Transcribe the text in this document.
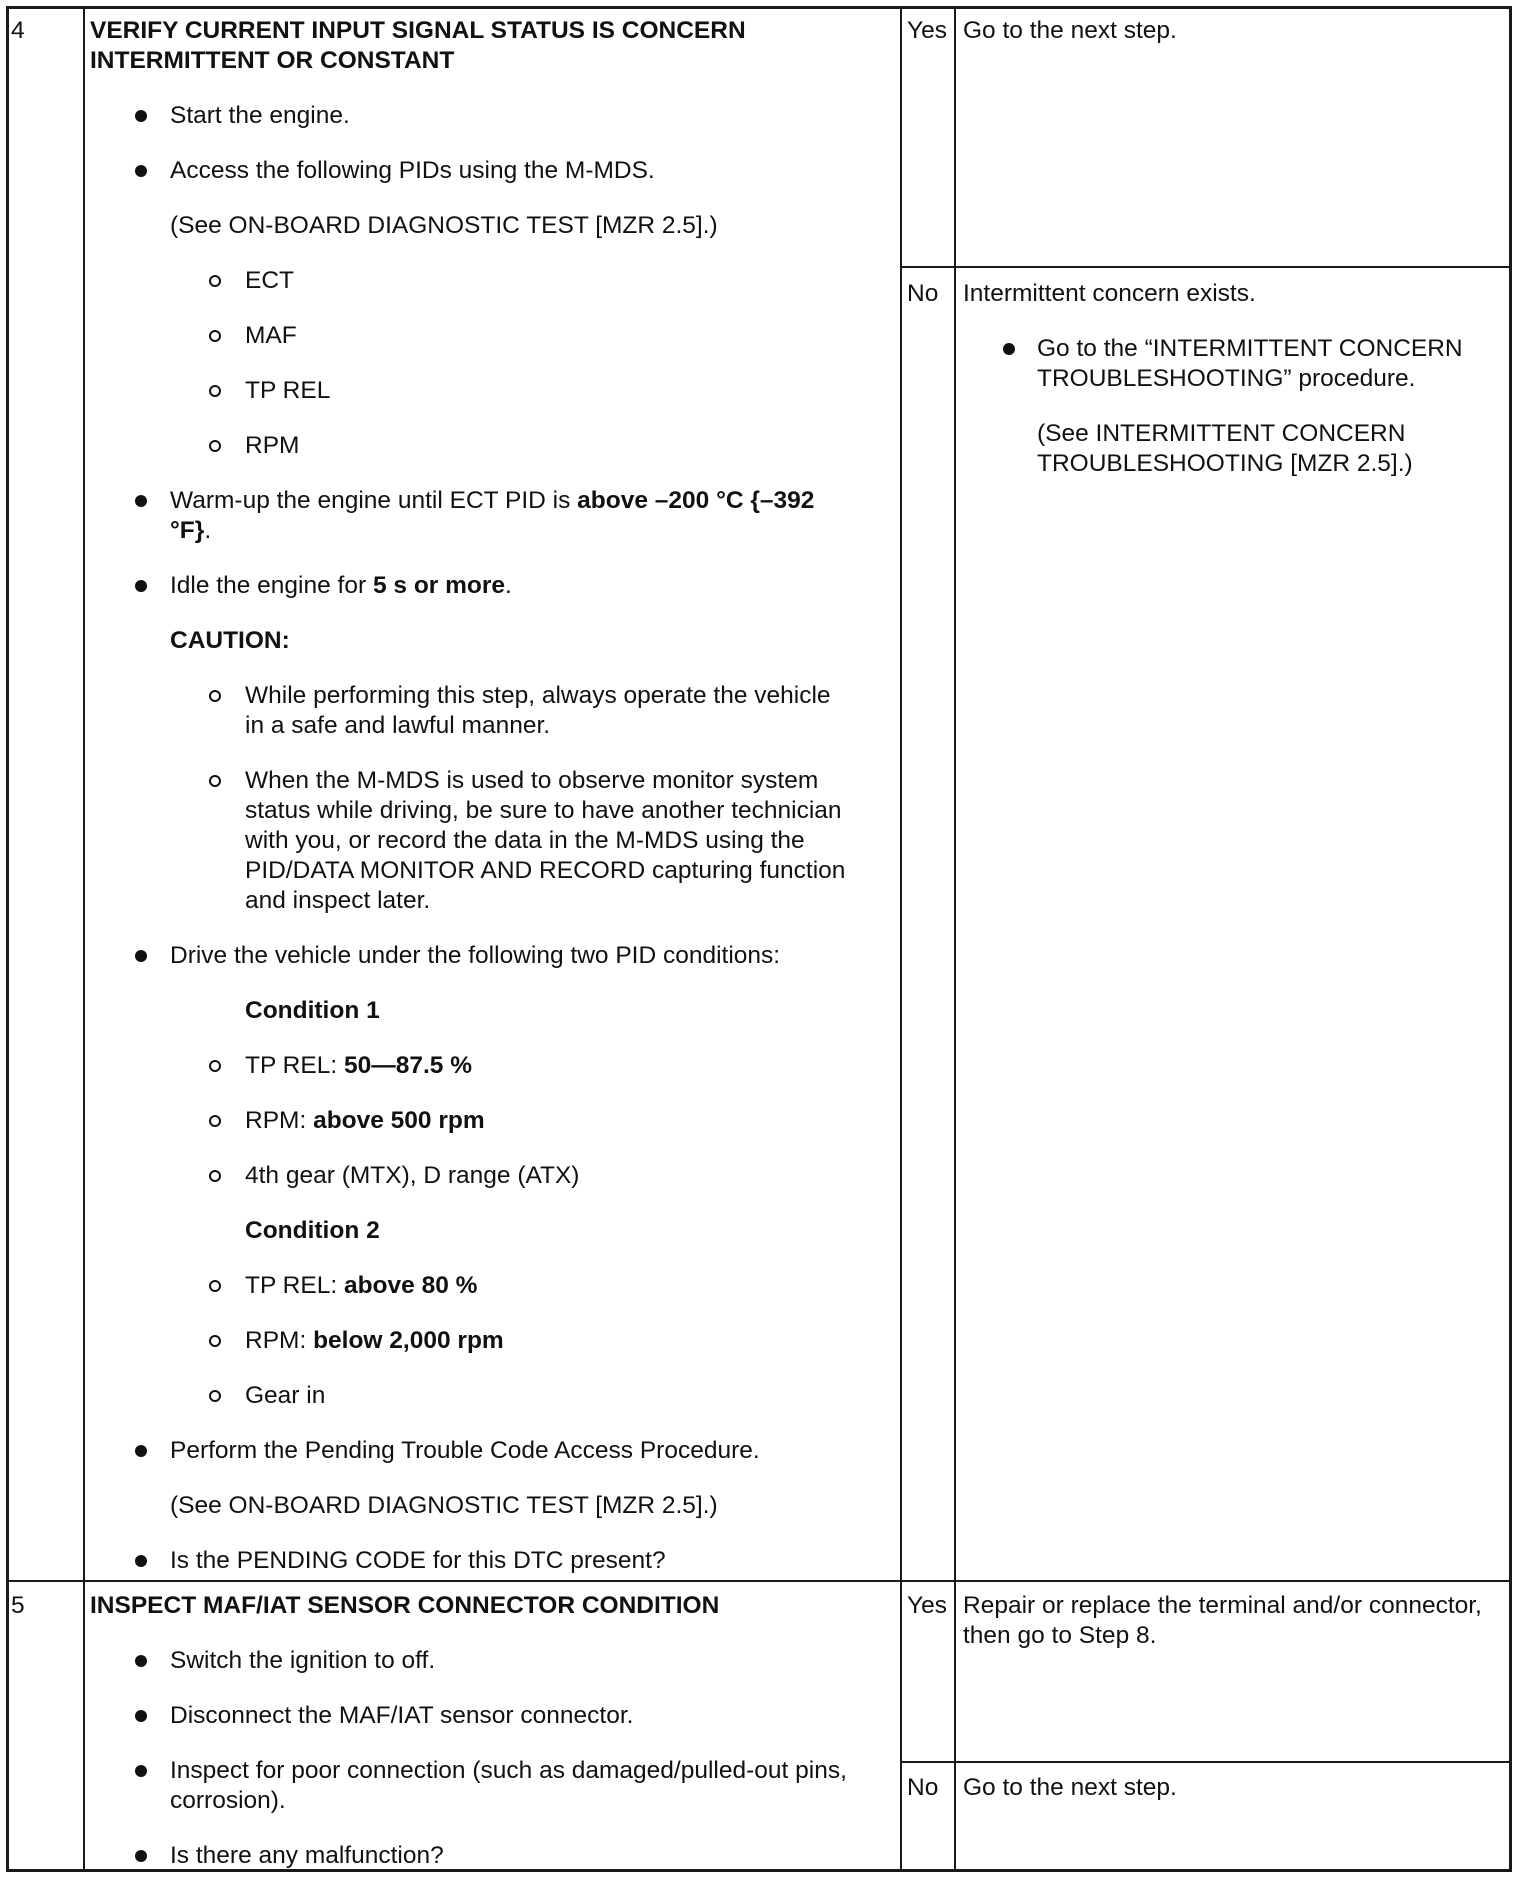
4	VERIFY CURRENT INPUT SIGNAL STATUS IS CONCERN INTERMITTENT OR CONSTANT
Start the engine.
Access the following PIDs using the M-MDS.
(See ON-BOARD DIAGNOSTIC TEST [MZR 2.5].)
ECT
MAF
TP REL
RPM
Warm-up the engine until ECT PID is above –200 °C {–392 °F}.
Idle the engine for 5 s or more.
CAUTION:
While performing this step, always operate the vehicle in a safe and lawful manner.
When the M-MDS is used to observe monitor system status while driving, be sure to have another technician with you, or record the data in the M-MDS using the PID/DATA MONITOR AND RECORD capturing function and inspect later.
Drive the vehicle under the following two PID conditions:
Condition 1
TP REL: 50—87.5 %
RPM: above 500 rpm
4th gear (MTX), D range (ATX)
Condition 2
TP REL: above 80 %
RPM: below 2,000 rpm
Gear in
Perform the Pending Trouble Code Access Procedure.
(See ON-BOARD DIAGNOSTIC TEST [MZR 2.5].)
Is the PENDING CODE for this DTC present?
Yes Go to the next step.
No Intermittent concern exists.
Go to the “INTERMITTENT CONCERN TROUBLESHOOTING” procedure.
(See INTERMITTENT CONCERN TROUBLESHOOTING [MZR 2.5].)
5	INSPECT MAF/IAT SENSOR CONNECTOR CONDITION
Switch the ignition to off.
Disconnect the MAF/IAT sensor connector.
Inspect for poor connection (such as damaged/pulled-out pins, corrosion).
Is there any malfunction?
Yes Repair or replace the terminal and/or connector, then go to Step 8.
No Go to the next step.
